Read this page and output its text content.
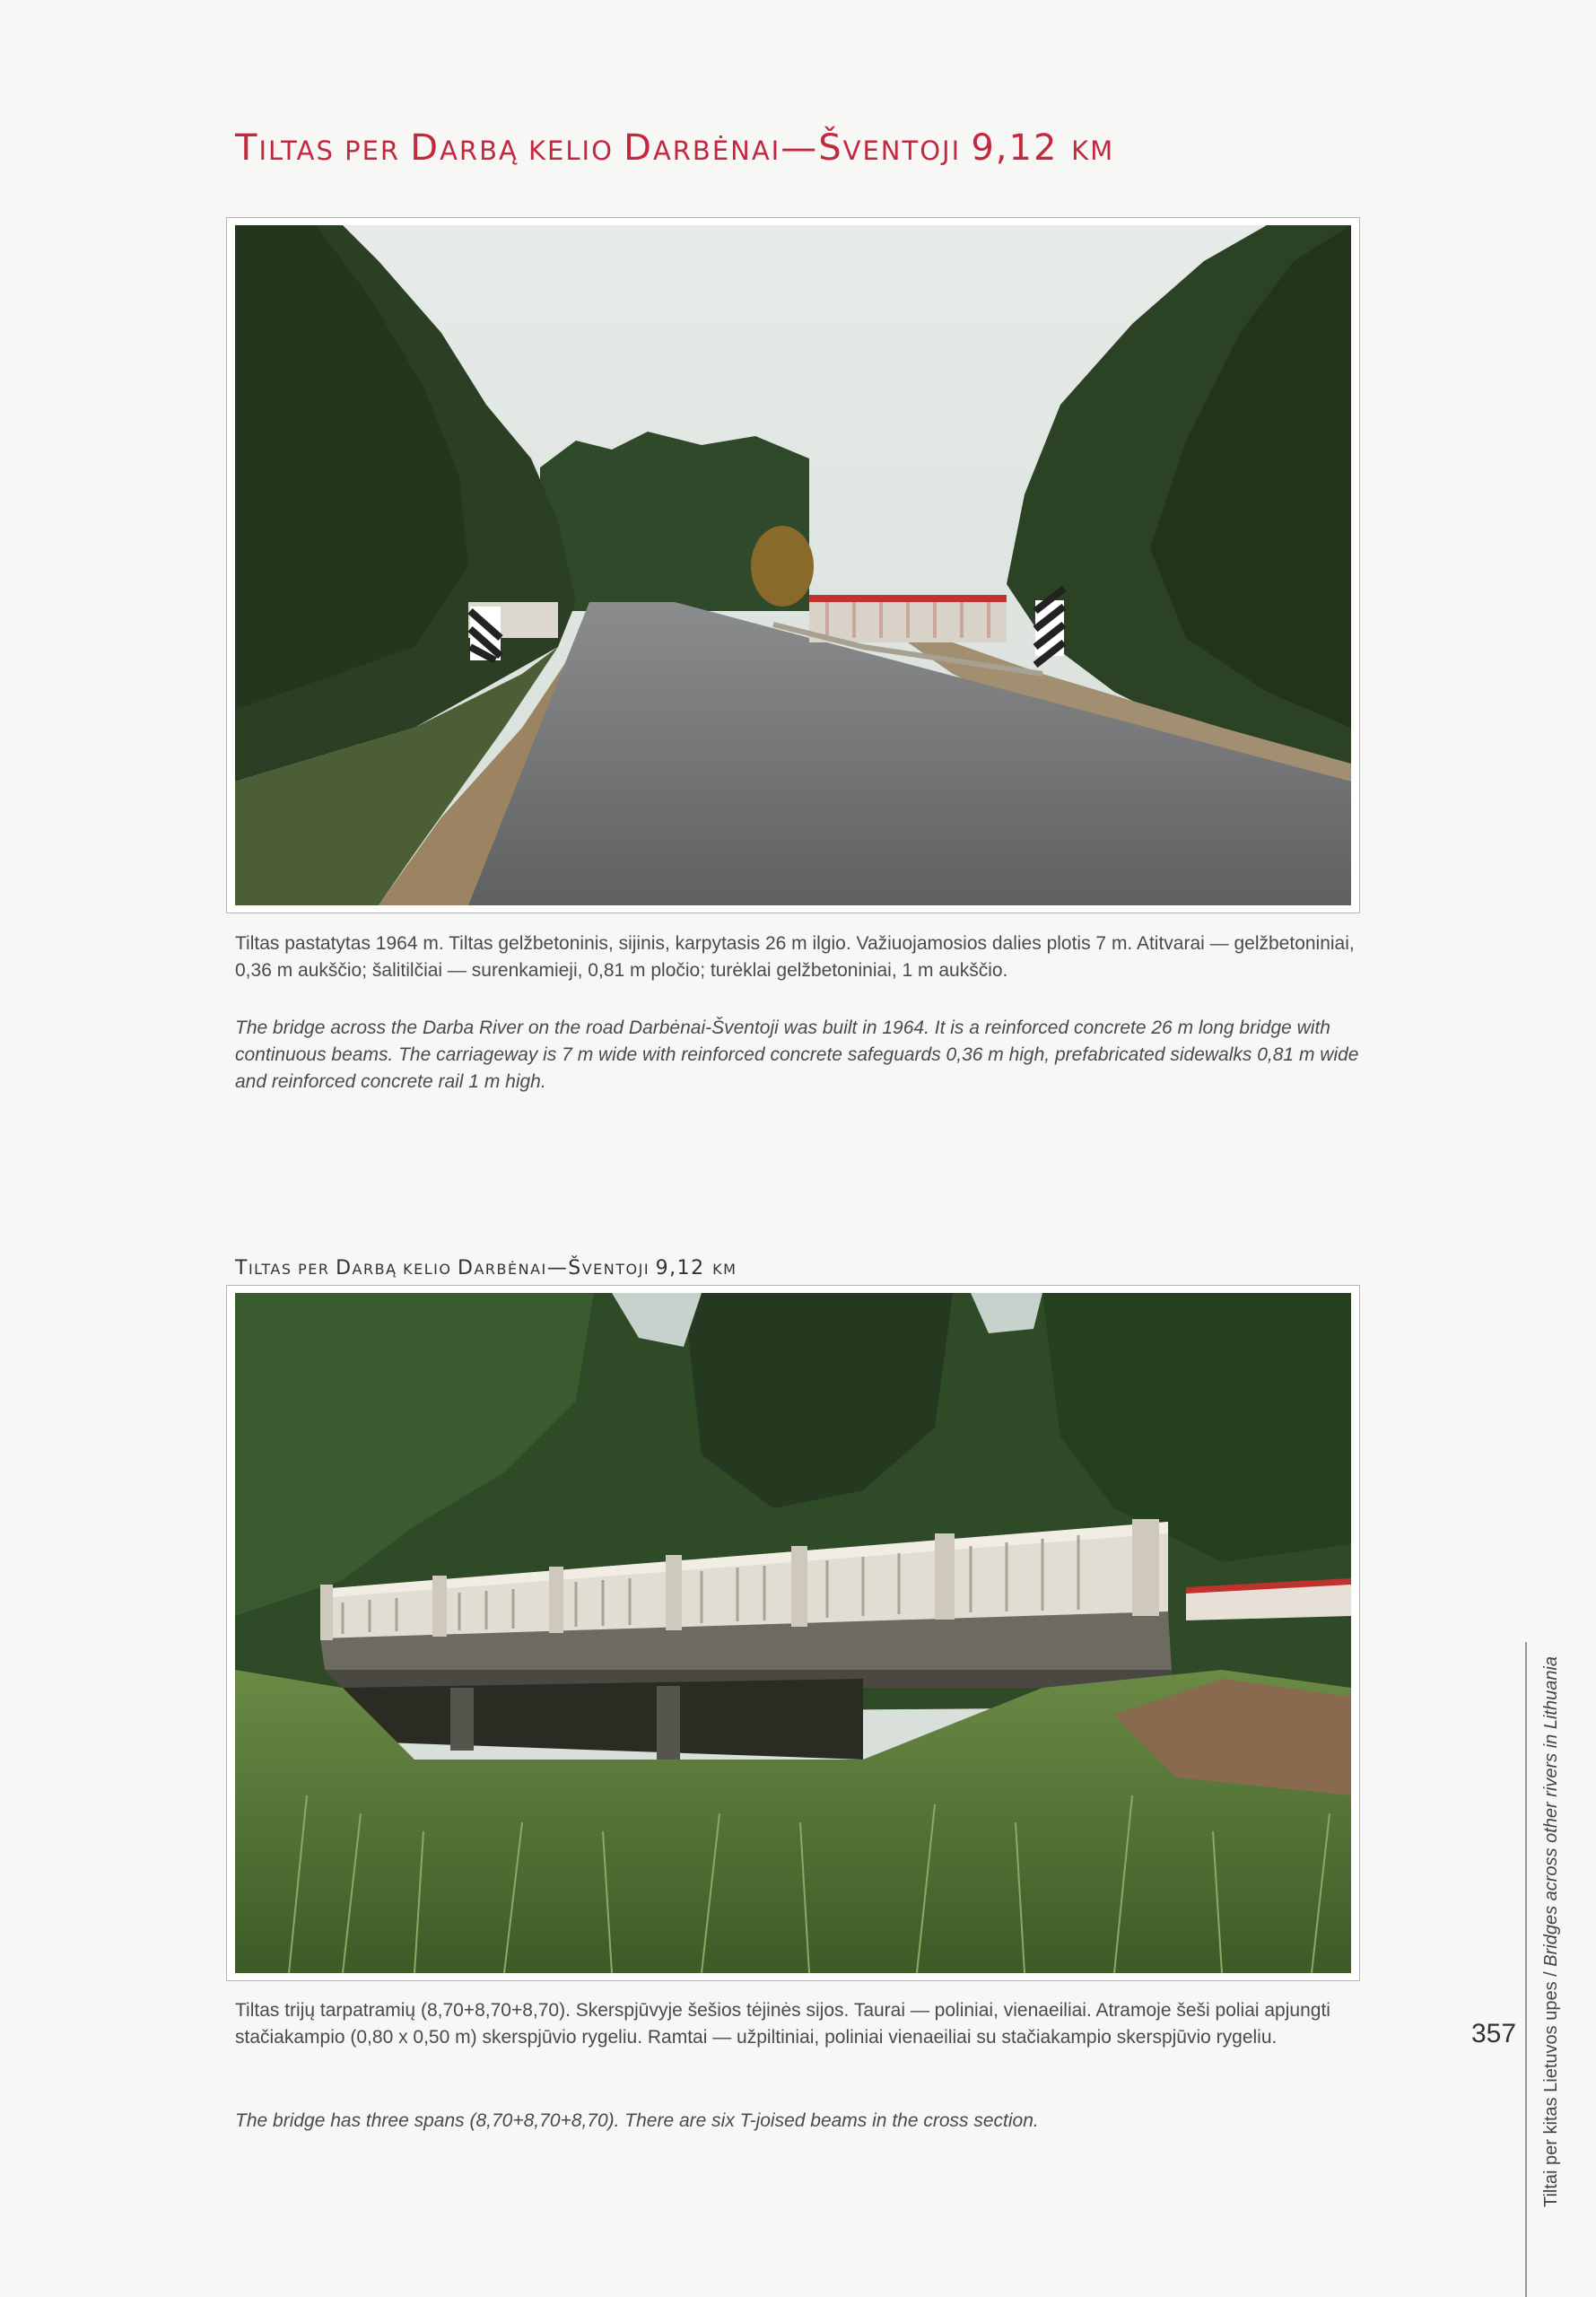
TILTAS PER DARBĄ KELIO DARBĖNAI—ŠVENTOJI 9,12 KM
Tiltas pastatytas 1964 m. Tiltas gelžbetoninis, sijinis, karpytasis 26 m ilgio. Važiuojamosios dalies plotis 7 m. Atitvarai — gelžbetoniniai, 0,36 m aukščio; šalitilčiai — surenkamieji, 0,81 m pločio; turėklai gelžbetoniniai, 1 m aukščio.
The bridge across the Darba River on the road Darbėnai-Šventoji was built in 1964. It is a reinforced concrete 26 m long bridge with continuous beams. The carriageway is 7 m wide with reinforced concrete safeguards 0,36 m high, prefabricated sidewalks 0,81 m wide and reinforced concrete rail 1 m high.
TILTAS PER DARBĄ KELIO DARBĖNAI—ŠVENTOJI 9,12 KM
Tiltas trijų tarpatramių (8,70+8,70+8,70). Skerspjūvyje šešios tėjinės sijos. Taurai — poliniai, vienaeiliai. Atramoje šeši poliai apjungti stačiakampio (0,80 x 0,50 m) skerspjūvio rygeliu. Ramtai — užpiltiniai, poliniai vienaeiliai su stačiakampio skerspjūvio rygeliu.
The bridge has three spans (8,70+8,70+8,70). There are six T-joised beams in the cross section.	Tiltai per kitas Lietuvos upes / Bridges across other rivers in Lithuania
357
